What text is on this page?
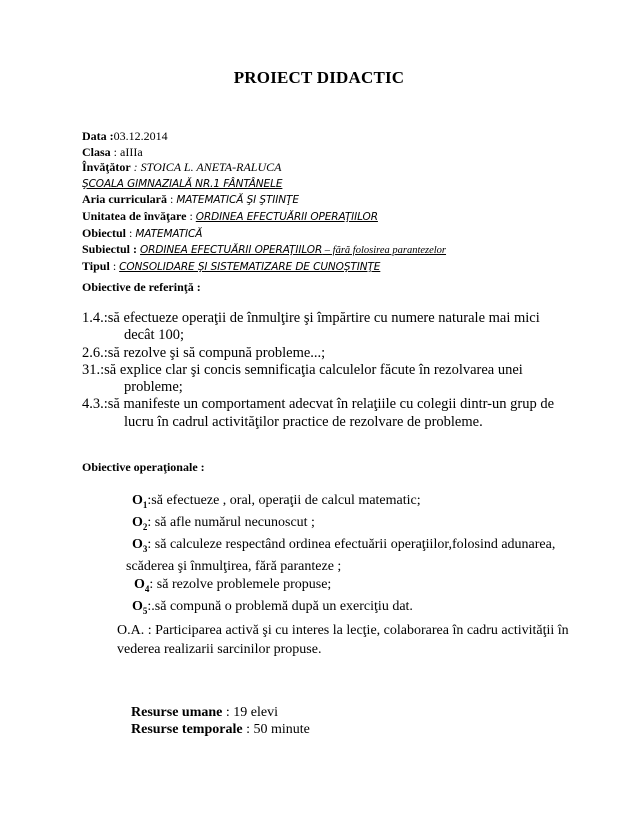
PROIECT DIDACTIC
Data :03.12.2014
Clasa : aIIIa
Învăţător : STOICA L. ANETA-RALUCA
ŞCOALA GIMNAZIALĂ NR.1 FÂNTÂNELE
Aria curriculară : MATEMATICĂ ŞI ŞTIINŢE
Unitatea de învăţare : ORDINEA EFECTUĂRII OPERAŢIILOR
Obiectul : MATEMATICĂ
Subiectul : ORDINEA EFECTUĂRII OPERAŢIILOR – fără folosirea parantezelor
Tipul : CONSOLIDARE ŞI SISTEMATIZARE DE CUNOŞTINŢE
Obiective de referinţă :
1.4.:să efectueze operaţii de înmulţire şi împărtire cu numere naturale mai mici
decât 100;
2.6.:să rezolve şi să compună probleme...;
31.:să explice clar şi concis semnificaţia calculelor făcute în rezolvarea unei
probleme;
4.3.:să manifeste un comportament adecvat în relaţiile cu colegii dintr-un grup de
lucru în cadrul activităţilor practice de rezolvare de probleme.
Obiective operaţionale :
$O_1:să$ efectueze , oral, operaţii de calcul matematic;
$O_2$: să afle numărul necunoscut ;
$O_3$: să calculeze respectând ordinea efectuării operaţiilor,folosind adunarea,
scăderea şi înmulţirea, fără paranteze ;
$O_4$: să rezolve problemele propuse;
$O_5:.să$ compună o problemă după un exerciţiu dat.
O.A. : Participarea activă şi cu interes la lecţie, colaborarea în cadru activităţii în vederea realizarii sarcinilor propuse.
Resurse umane : 19 elevi
Resurse temporale : 50 minute
